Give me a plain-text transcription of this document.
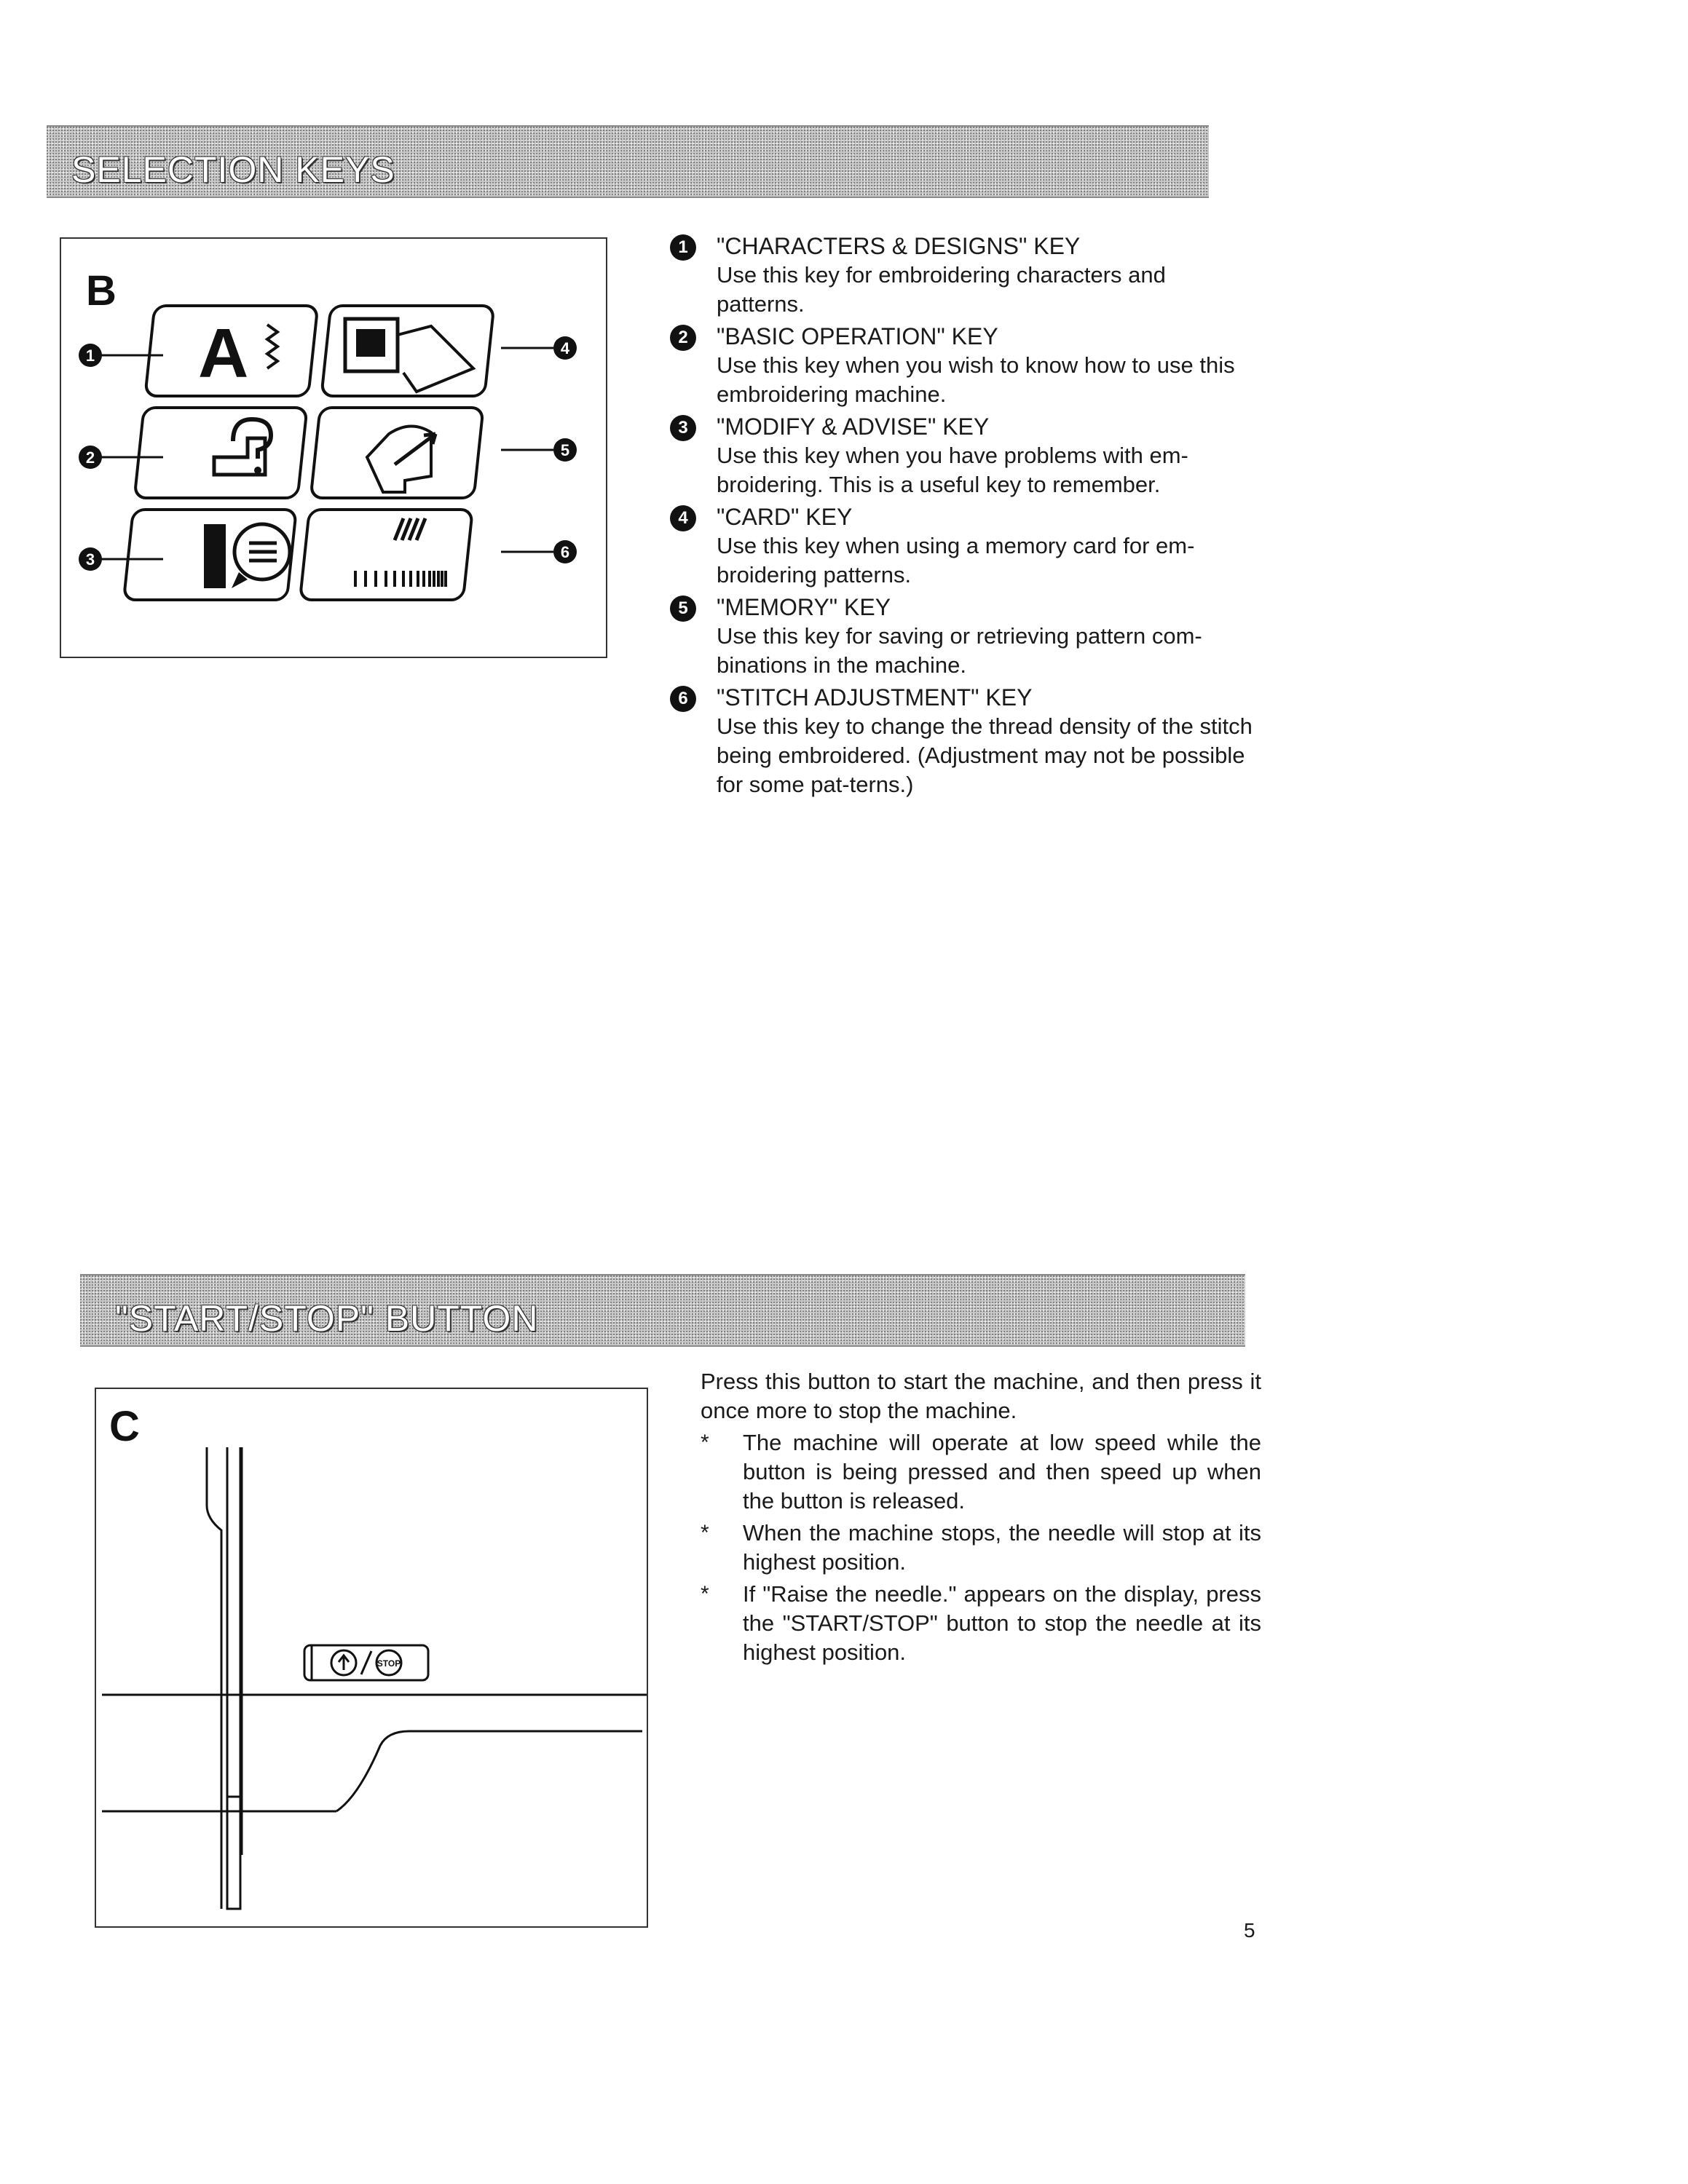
SELECTION KEYS
B
A
1
2
3
4
5
6
1	"CHARACTERS & DESIGNS" KEY
Use this key for embroidering characters and patterns.
2	"BASIC OPERATION" KEY
Use this key when you wish to know how to use this embroidering machine.
3	"MODIFY & ADVISE" KEY
Use this key when you have problems with em-broidering. This is a useful key to remember.
4	"CARD" KEY
Use this key when using a memory card for em-broidering patterns.
5	"MEMORY" KEY
Use this key for saving or retrieving pattern com-binations in the machine.
6	"STITCH ADJUSTMENT" KEY
Use this key to change the thread density of the stitch being embroidered. (Adjustment may not be possible for some pat-terns.)
"START/STOP" BUTTON
C
STOP
Press this button to start the machine, and then press it once more to stop the machine.
*	The machine will operate at low speed while the button is being pressed and then speed up when the button is released.
*	When the machine stops, the needle will stop at its highest position.
*	If "Raise the needle." appears on the display, press the "START/STOP" button to stop the needle at its highest position.
5
